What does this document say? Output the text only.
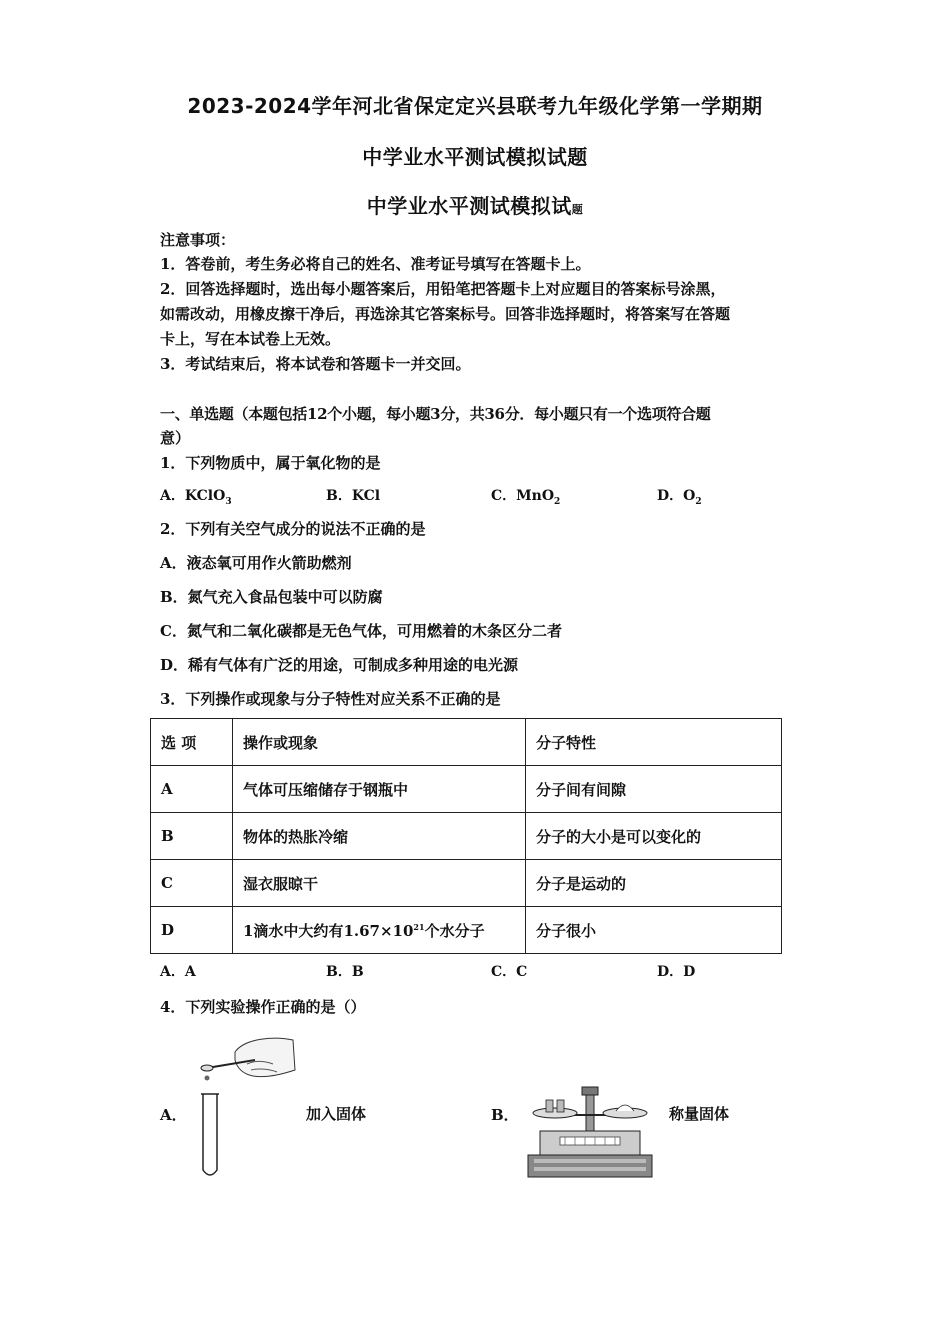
2023-2024学年河北省保定定兴县联考九年级化学第一学期期
中学业水平测试模拟试题
中学业水平测试模拟试题
注意事项：
1．答卷前，考生务必将自己的姓名、准考证号填写在答题卡上。
2．回答选择题时，选出每小题答案后，用铅笔把答题卡上对应题目的答案标号涂黑，
如需改动，用橡皮擦干净后，再选涂其它答案标号。回答非选择题时，将答案写在答题
卡上，写在本试卷上无效。
3．考试结束后，将本试卷和答题卡一并交回。
一、单选题（本题包括12个小题，每小题3分，共36分．每小题只有一个选项符合题
意）
1．下列物质中，属于氧化物的是
A．KClO$_3$	B．KCl	C．MnO$_2$	D．$O_2$
2．下列有关空气成分的说法不正确的是
A．液态氧可用作火箭助燃剂
B．氮气充入食品包装中可以防腐
C．氮气和二氧化碳都是无色气体，可用燃着的木条区分二者
D．稀有气体有广泛的用途，可制成多种用途的电光源
3．下列操作或现象与分子特性对应关系不正确的是
选 项	操作或现象	分子特性
A	气体可压缩储存于钢瓶中	分子间有间隙
B	物体的热胀冷缩	分子的大小是可以变化的
C	湿衣服晾干	分子是运动的
D	1滴水中大约有$1.67\times 10^{21}$个水分子	分子很小
A．A	B．B	C．C	D．D
4．下列实验操作正确的是（）
A．	加入固体	B．	称量固体
